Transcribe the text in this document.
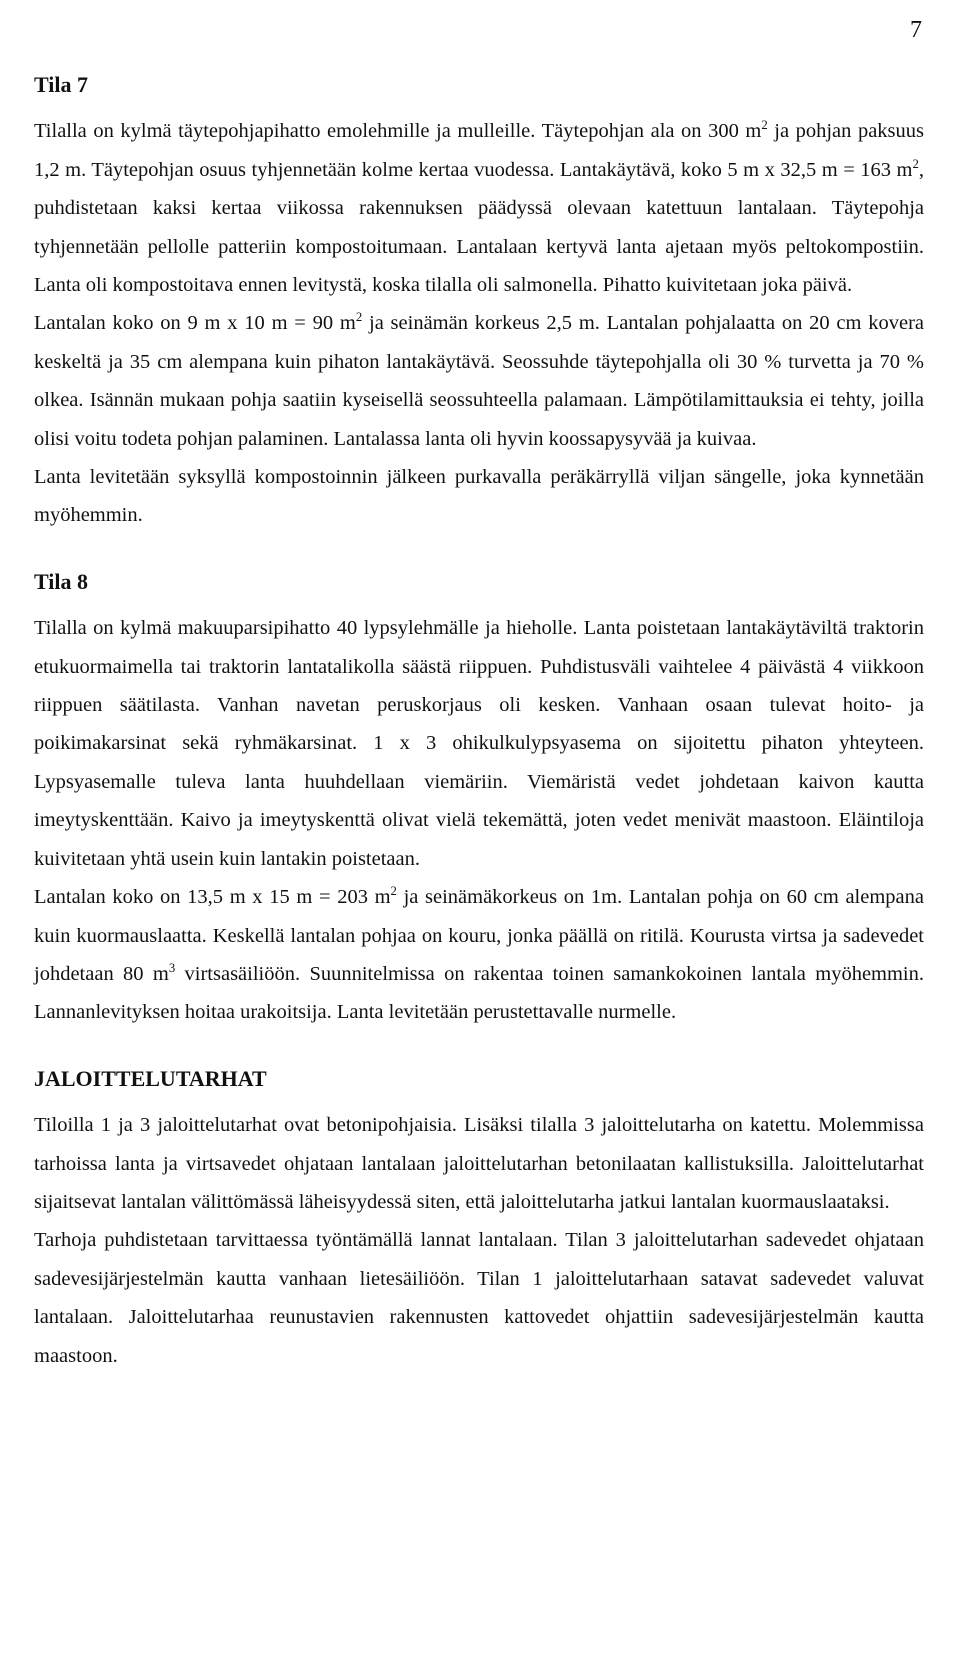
7
Tila 7

Tilalla on kylmä täytepohjapihatto emolehmille ja mulleille. Täytepohjan ala on 300 $m^2$ ja pohjan paksuus 1,2 m. Täytepohjan osuus tyhjennetään kolme kertaa vuodessa. Lantakäytävä, koko 5 m x 32,5 m = 163 $m^2$, puhdistetaan kaksi kertaa viikossa rakennuksen päädyssä olevaan katettuun lantalaan. Täytepohja tyhjennetään pellolle patteriin kompostoitumaan. Lantalaan kertyvä lanta ajetaan myös peltokompostiin. Lanta oli kompostoitava ennen levitystä, koska tilalla oli salmonella. Pihatto kuivitetaan joka päivä.

Lantalan koko on 9 m x 10 m = 90 $m^2$ ja seinämän korkeus 2,5 m. Lantalan pohjalaatta on 20 cm kovera keskeltä ja 35 cm alempana kuin pihaton lantakäytävä. Seossuhde täytepohjalla oli 30 % turvetta ja 70 % olkea. Isännän mukaan pohja saatiin kyseisellä seossuhteella palamaan. Lämpötilamittauksia ei tehty, joilla olisi voitu todeta pohjan palaminen. Lantalassa lanta oli hyvin koossapysyvää ja kuivaa.

Lanta levitetään syksyllä kompostoinnin jälkeen purkavalla peräkärryllä viljan sängelle, joka kynnetään myöhemmin.

Tila 8

Tilalla on kylmä makuuparsipihatto 40 lypsylehmälle ja hieholle. Lanta poistetaan lantakäytäviltä traktorin etukuormaimella tai traktorin lantatalikolla säästä riippuen. Puhdistusväli vaihtelee 4 päivästä 4 viikkoon riippuen säätilasta. Vanhan navetan peruskorjaus oli kesken. Vanhaan osaan tulevat hoito- ja poikimakarsinat sekä ryhmäkarsinat. 1 x 3 ohikulkulypsyasema on sijoitettu pihaton yhteyteen. Lypsyasemalle tuleva lanta huuhdellaan viemäriin. Viemäristä vedet johdetaan kaivon kautta imeytyskenttään. Kaivo ja imeytyskenttä olivat vielä tekemättä, joten vedet menivät maastoon. Eläintiloja kuivitetaan yhtä usein kuin lantakin poistetaan.

Lantalan koko on 13,5 m x 15 m = 203 $m^2$ ja seinämäkorkeus on 1m. Lantalan pohja on 60 cm alempana kuin kuormauslaatta. Keskellä lantalan pohjaa on kouru, jonka päällä on ritilä. Kourusta virtsa ja sadevedet johdetaan 80 $m^3$ virtsasäiliöön. Suunnitelmissa on rakentaa toinen samankokoinen lantala myöhemmin. Lannanlevityksen hoitaa urakoitsija. Lanta levitetään perustettavalle nurmelle.

JALOITTELUTARHAT

Tiloilla 1 ja 3 jaloittelutarhat ovat betonipohjaisia. Lisäksi tilalla 3 jaloittelutarha on katettu. Molemmissa tarhoissa lanta ja virtsavedet ohjataan lantalaan jaloittelutarhan betonilaatan kallistuksilla. Jaloittelutarhat sijaitsevat lantalan välittömässä läheisyydessä siten, että jaloittelutarha jatkui lantalan kuormauslaataksi.

Tarhoja puhdistetaan tarvittaessa työntämällä lannat lantalaan. Tilan 3 jaloittelutarhan sadevedet ohjataan sadevesijärjestelmän kautta vanhaan lietesäiliöön. Tilan 1 jaloittelutarhaan satavat sadevedet valuvat lantalaan. Jaloittelutarhaa reunustavien rakennusten kattovedet ohjattiin sadevesijärjestelmän kautta maastoon.
